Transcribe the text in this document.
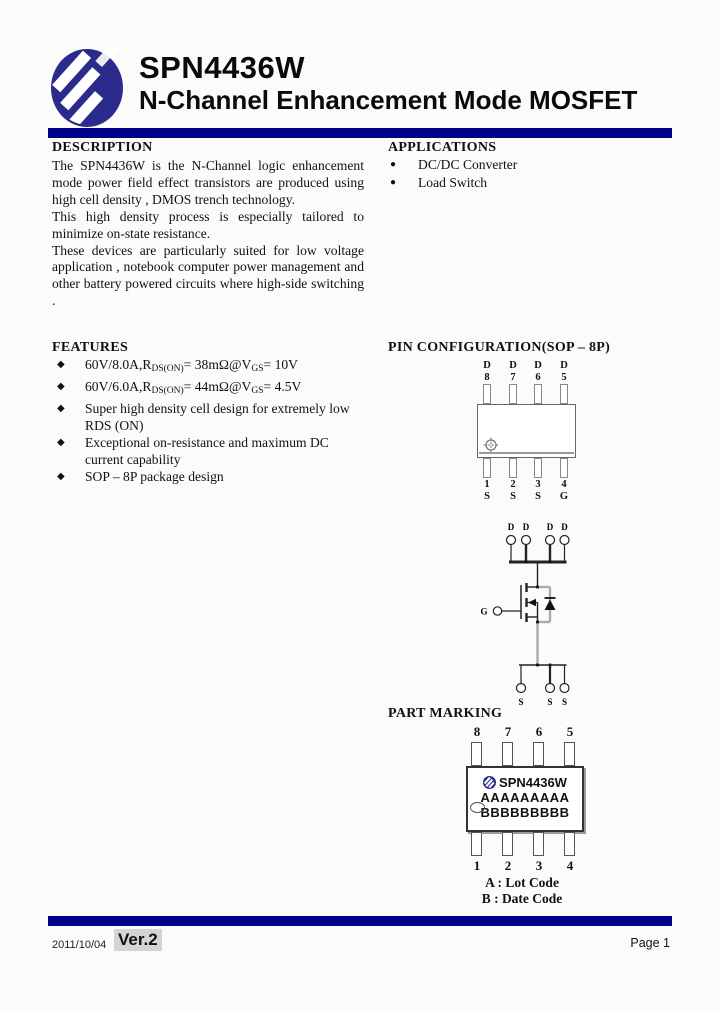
SPN4436W
N-Channel Enhancement Mode MOSFET
DESCRIPTION

The SPN4436W is the N-Channel logic enhancement mode power field effect transistors are produced using high cell density , DMOS trench technology.

This high density process is especially tailored to minimize on-state resistance.

These devices are particularly suited for low voltage application , notebook computer power management and other battery powered circuits where high-side switching .

APPLICATIONS
●	DC/DC Converter
●	Load Switch
FEATURES
◆	$60V/8.0A,R_{DS(ON)}=$ $38m\Omega@V_{GS}= 10V$
◆	$60V/6.0A,R_{DS(ON)}=$ $44m\Omega@V_{GS}= 4.5V$
◆	Super high density cell design for extremely low RDS (ON)
◆	Exceptional on-resistance and maximum DC current capability
◆	SOP – 8P package design
PIN CONFIGURATION(SOP – 8P)
D	D	D	D
8	7	6	5
1	2	3	4
S	S	S	G
D D D D
G
S	S S
PART MARKING
8	7	6	5
SPN4436W
AAAAAAAAA
BBBBBBBBB
1	2	3	4
A : Lot Code
B : Date Code
2011/10/04 Ver.2	Page 1
